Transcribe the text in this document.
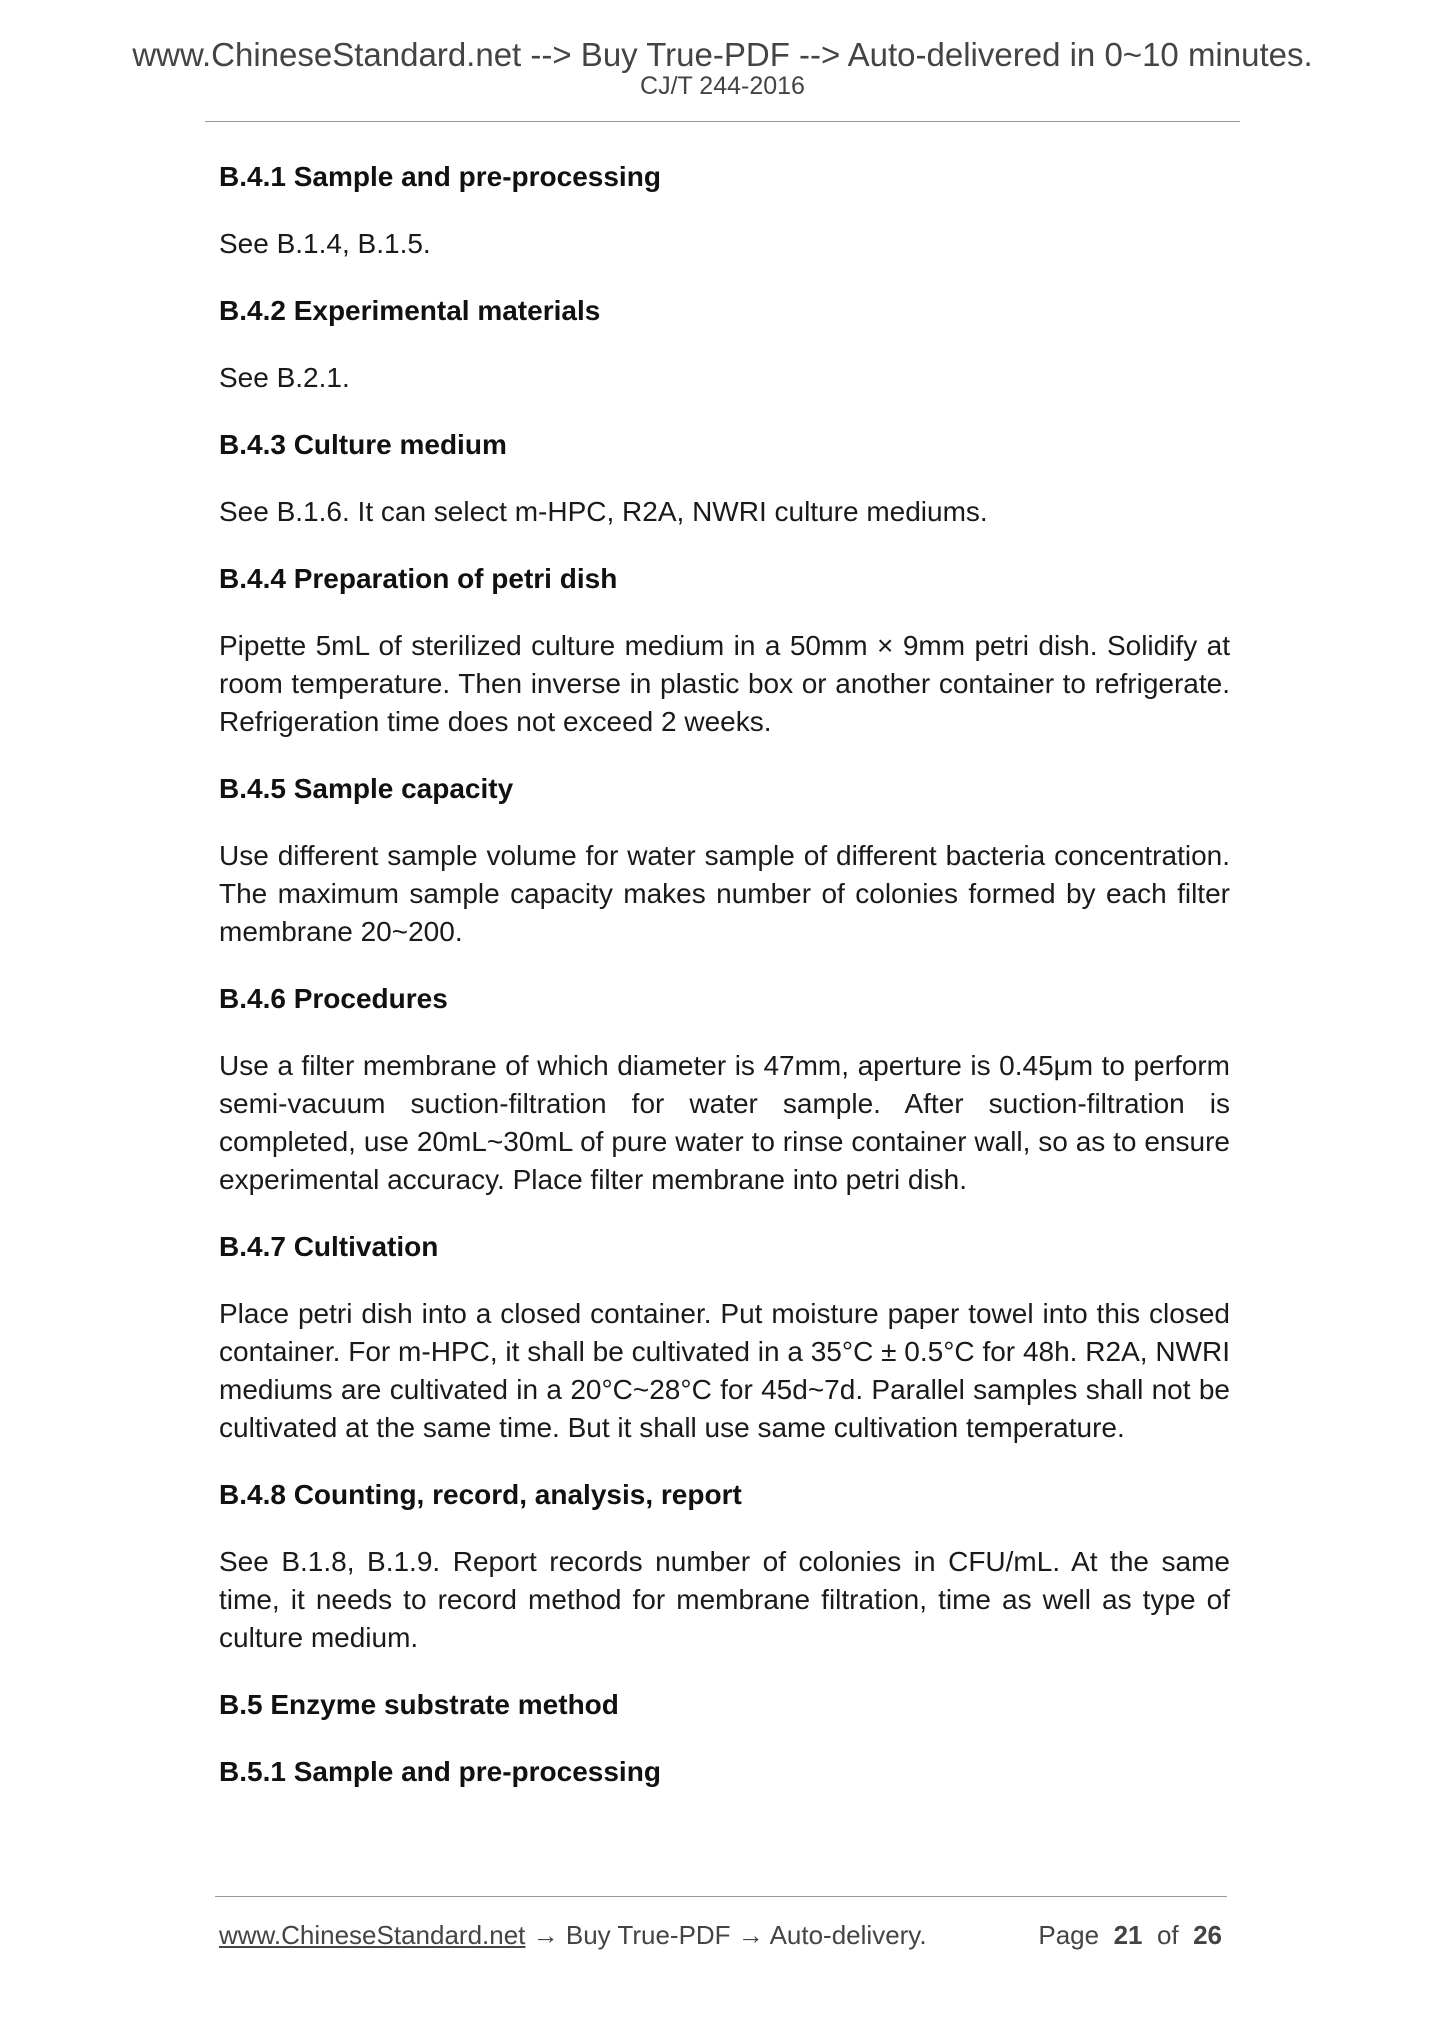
www.ChineseStandard.net --> Buy True-PDF --> Auto-delivered in 0~10 minutes.
CJ/T 244-2016
B.4.1 Sample and pre-processing

See B.1.4, B.1.5.

B.4.2 Experimental materials

See B.2.1.

B.4.3 Culture medium

See B.1.6. It can select m-HPC, R2A, NWRI culture mediums.

B.4.4 Preparation of petri dish

Pipette 5mL of sterilized culture medium in a 50mm × 9mm petri dish. Solidify at room temperature. Then inverse in plastic box or another container to refrigerate. Refrigeration time does not exceed 2 weeks.

B.4.5 Sample capacity

Use different sample volume for water sample of different bacteria concentration. The maximum sample capacity makes number of colonies formed by each filter membrane 20~200.

B.4.6 Procedures

Use a filter membrane of which diameter is 47mm, aperture is 0.45μm to perform semi-vacuum suction-filtration for water sample. After suction-filtration is completed, use 20mL~30mL of pure water to rinse container wall, so as to ensure experimental accuracy. Place filter membrane into petri dish.

B.4.7 Cultivation

Place petri dish into a closed container. Put moisture paper towel into this closed container. For m-HPC, it shall be cultivated in a 35°C ± 0.5°C for 48h. R2A, NWRI mediums are cultivated in a 20°C~28°C for 45d~7d. Parallel samples shall not be cultivated at the same time. But it shall use same cultivation temperature.

B.4.8 Counting, record, analysis, report

See B.1.8, B.1.9. Report records number of colonies in CFU/mL. At the same time, it needs to record method for membrane filtration, time as well as type of culture medium.

B.5 Enzyme substrate method
B.5.1 Sample and pre-processing
www.ChineseStandard.net → Buy True-PDF → Auto-delivery.	Page 21 of 26
